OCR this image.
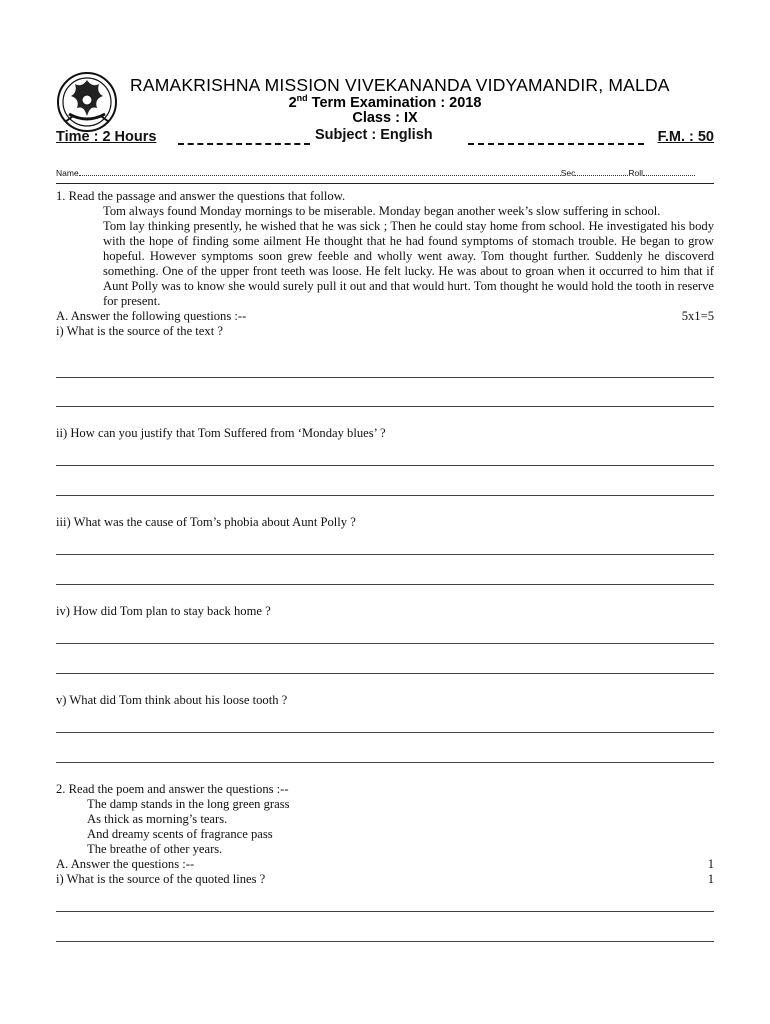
RAMAKRISHNA MISSION VIVEKANANDA VIDYAMANDIR, MALDA
2nd Term Examination : 2018
Class : IX
Time : 2 Hours	Subject : English	F.M. : 50
Name	Sec	Roll

1. Read the passage and answer the questions that follow.

Tom always found Monday mornings to be miserable. Monday began another week’s slow suffering in school.

Tom lay thinking presently, he wished that he was sick ; Then he could stay home from school. He investigated his body with the hope of finding some ailment He thought that he had found symptoms of stomach trouble. He began to grow hopeful. However symptoms soon grew feeble and wholly went away. Tom thought further. Suddenly he discoverd something. One of the upper front teeth was loose. He felt lucky. He was about to groan when it occurred to him that if Aunt Polly was to know she would surely pull it out and that would hurt. Tom thought he would hold the tooth in reserve for present.

A. Answer the following questions :--	5x1=5

i) What is the source of the text ?

ii) How can you justify that Tom Suffered from ‘Monday blues’ ?
iii) What was the cause of Tom’s phobia about Aunt Polly ?
iv) How did Tom plan to stay back home ?
v) What did Tom think about his loose tooth ?

2. Read the poem and answer the questions :--

The damp stands in the long green grass

As thick as morning’s tears.

And dreamy scents of fragrance pass

The breathe of other years.

A. Answer the questions :--	1
i) What is the source of the quoted lines ?	1
